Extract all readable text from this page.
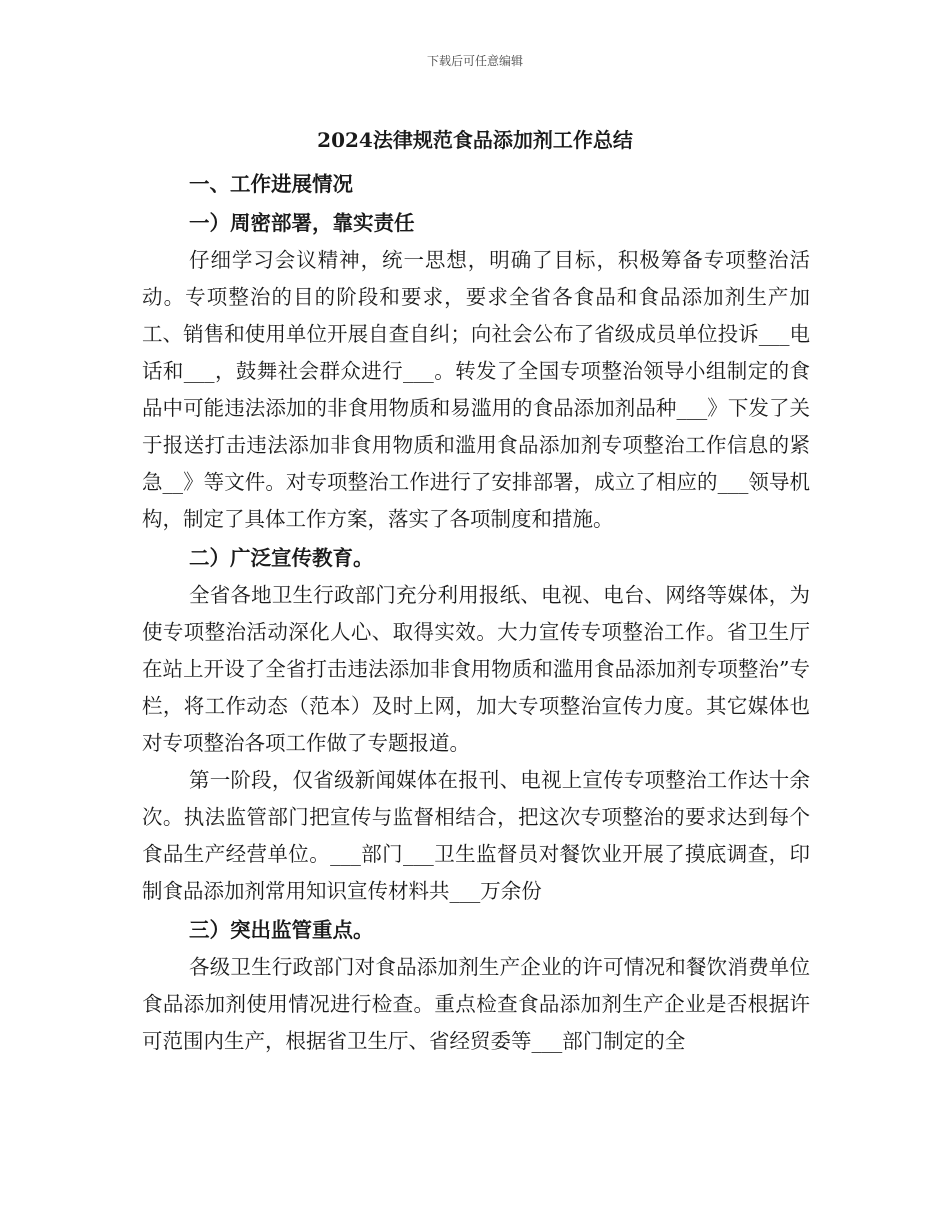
下载后可任意编辑
2024法律规范食品添加剂工作总结

一、工作进展情况

一）周密部署，靠实责任

仔细学习会议精神，统一思想，明确了目标，积极筹备专项整治活动。专项整治的目的阶段和要求，要求全省各食品和食品添加剂生产加工、销售和使用单位开展自查自纠；向社会公布了省级成员单位投诉___电话和___，鼓舞社会群众进行___。转发了全国专项整治领导小组制定的食品中可能违法添加的非食用物质和易滥用的食品添加剂品种___》下发了关于报送打击违法添加非食用物质和滥用食品添加剂专项整治工作信息的紧急__》等文件。对专项整治工作进行了安排部署，成立了相应的___领导机构，制定了具体工作方案，落实了各项制度和措施。

二）广泛宣传教育。

全省各地卫生行政部门充分利用报纸、电视、电台、网络等媒体，为使专项整治活动深化人心、取得实效。大力宣传专项整治工作。省卫生厅在站上开设了全省打击违法添加非食用物质和滥用食品添加剂专项整治”专栏，将工作动态（范本）及时上网，加大专项整治宣传力度。其它媒体也对专项整治各项工作做了专题报道。

第一阶段，仅省级新闻媒体在报刊、电视上宣传专项整治工作达十余次。执法监管部门把宣传与监督相结合，把这次专项整治的要求达到每个食品生产经营单位。___部门___卫生监督员对餐饮业开展了摸底调查，印制食品添加剂常用知识宣传材料共___万余份

三）突出监管重点。

各级卫生行政部门对食品添加剂生产企业的许可情况和餐饮消费单位食品添加剂使用情况进行检查。重点检查食品添加剂生产企业是否根据许可范围内生产，根据省卫生厅、省经贸委等___部门制定的全
